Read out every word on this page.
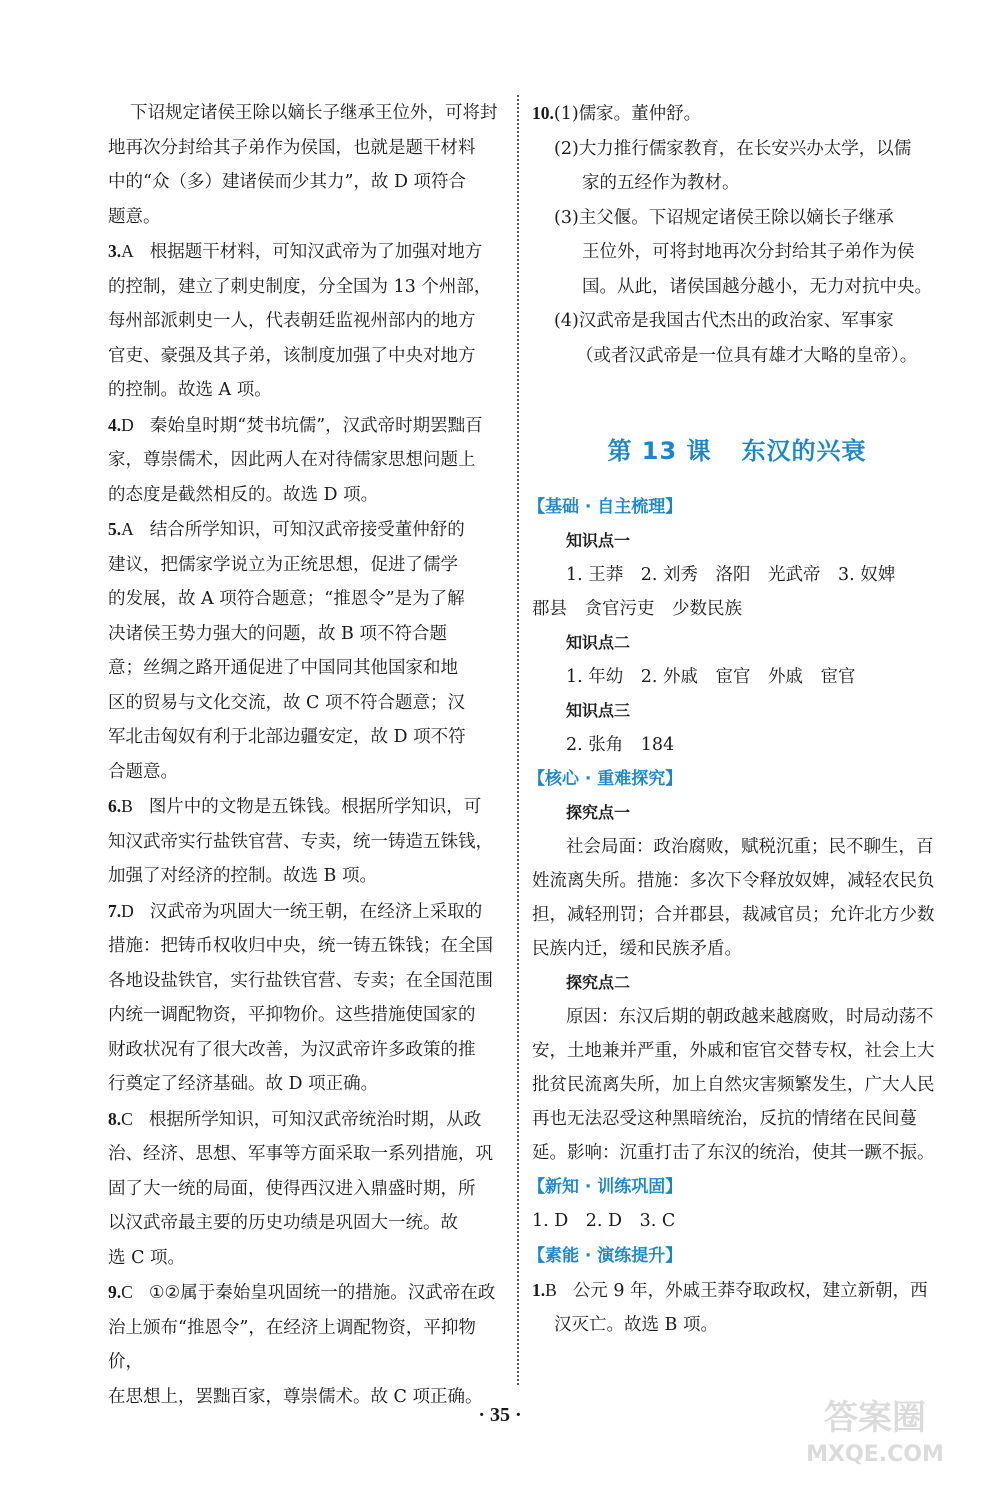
下诏规定诸侯王除以嫡长子继承王位外，可将封
地再次分封给其子弟作为侯国，也就是题干材料
中的“众（多）建诸侯而少其力”，故 D 项符合
题意。
3.A 根据题干材料，可知汉武帝为了加强对地方
的控制，建立了刺史制度，分全国为 13 个州部，
每州部派刺史一人，代表朝廷监视州部内的地方
官吏、豪强及其子弟，该制度加强了中央对地方
的控制。故选 A 项。
4.D 秦始皇时期“焚书坑儒”，汉武帝时期罢黜百
家，尊崇儒术，因此两人在对待儒家思想问题上
的态度是截然相反的。故选 D 项。
5.A 结合所学知识，可知汉武帝接受董仲舒的
建议，把儒家学说立为正统思想，促进了儒学
的发展，故 A 项符合题意；“推恩令”是为了解
决诸侯王势力强大的问题，故 B 项不符合题
意；丝绸之路开通促进了中国同其他国家和地
区的贸易与文化交流，故 C 项不符合题意；汉
军北击匈奴有利于北部边疆安定，故 D 项不符
合题意。
6.B 图片中的文物是五铢钱。根据所学知识，可
知汉武帝实行盐铁官营、专卖，统一铸造五铢钱，
加强了对经济的控制。故选 B 项。
7.D 汉武帝为巩固大一统王朝，在经济上采取的
措施：把铸币权收归中央，统一铸五铢钱；在全国
各地设盐铁官，实行盐铁官营、专卖；在全国范围
内统一调配物资，平抑物价。这些措施使国家的
财政状况有了很大改善，为汉武帝许多政策的推
行奠定了经济基础。故 D 项正确。
8.C 根据所学知识，可知汉武帝统治时期，从政
治、经济、思想、军事等方面采取一系列措施，巩
固了大一统的局面，使得西汉进入鼎盛时期，所
以汉武帝最主要的历史功绩是巩固大一统。故
选 C 项。
9.C ①②属于秦始皇巩固统一的措施。汉武帝在政
治上颁布“推恩令”，在经济上调配物资，平抑物价，
在思想上，罢黜百家，尊崇儒术。故 C 项正确。
10.(1)儒家。董仲舒。
(2)大力推行儒家教育，在长安兴办太学，以儒
家的五经作为教材。
(3)主父偃。下诏规定诸侯王除以嫡长子继承
王位外，可将封地再次分封给其子弟作为侯
国。从此，诸侯国越分越小，无力对抗中央。
(4)汉武帝是我国古代杰出的政治家、军事家
（或者汉武帝是一位具有雄才大略的皇帝）。
第 13 课 东汉的兴衰
【基础 · 自主梳理】
知识点一
1. 王莽　2. 刘秀　洛阳　光武帝　3. 奴婢
郡县　贪官污吏　少数民族
知识点二
1. 年幼　2. 外戚　宦官　外戚　宦官
知识点三
2. 张角　184
【核心 · 重难探究】
探究点一

社会局面：政治腐败，赋税沉重；民不聊生，百姓流离失所。措施：多次下令释放奴婢，减轻农民负担，减轻刑罚；合并郡县，裁减官员；允许北方少数民族内迁，缓和民族矛盾。

探究点二

原因：东汉后期的朝政越来越腐败，时局动荡不安，土地兼并严重，外戚和宦官交替专权，社会上大批贫民流离失所，加上自然灾害频繁发生，广大人民再也无法忍受这种黑暗统治，反抗的情绪在民间蔓延。影响：沉重打击了东汉的统治，使其一蹶不振。

【新知 · 训练巩固】
1. D　2. D　3. C
【素能 · 演练提升】
1.B 公元 9 年，外戚王莽夺取政权，建立新朝，西
汉灭亡。故选 B 项。
· 35 ·	答案圈
MXQE.COM
